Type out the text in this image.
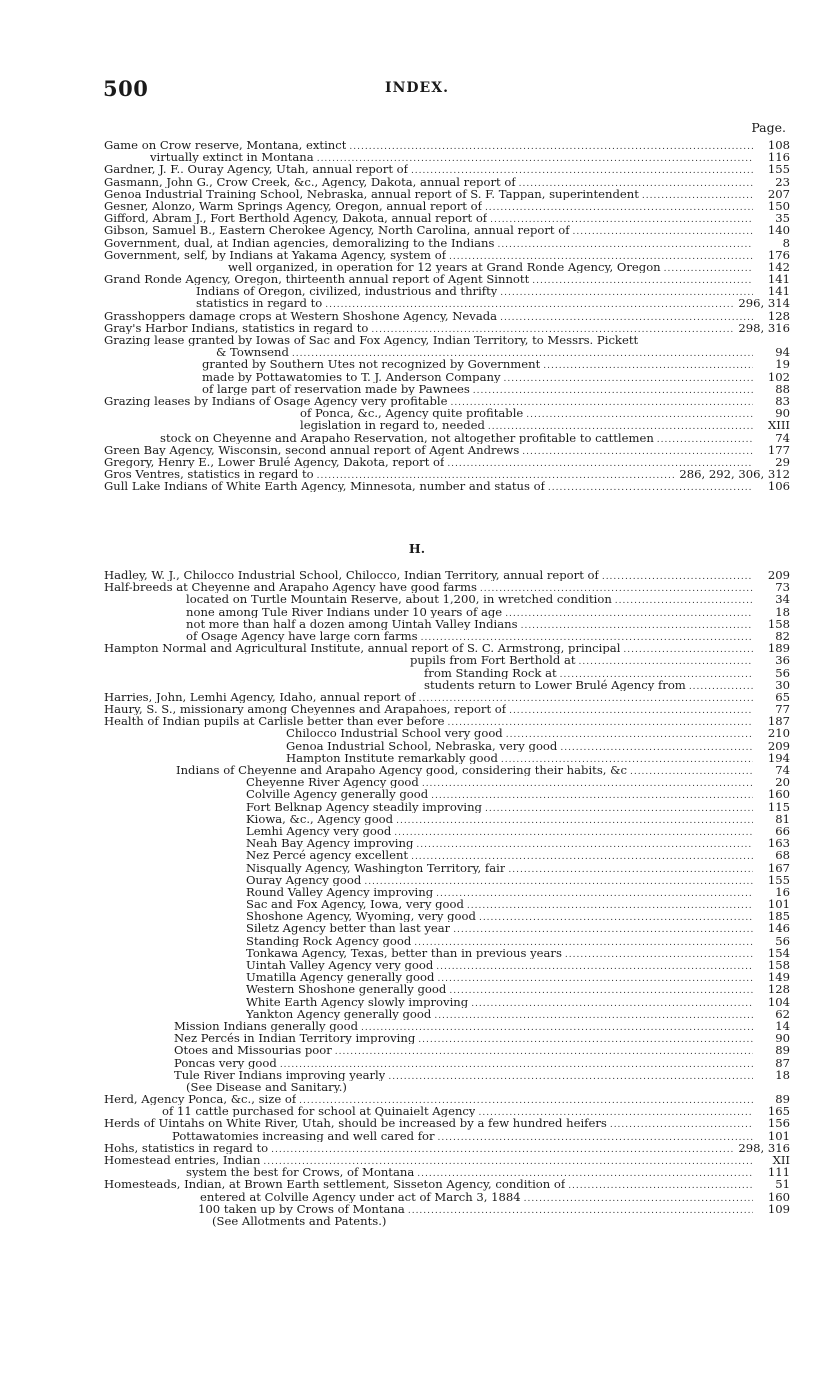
500	INDEX.
Page.
Game on Crow reserve, Montana, extinct .....	108
virtually extinct in Montana .....	116
Gardner, J. F.. Ouray Agency, Utah, annual report of .....	155
Gasmann, John G., Crow Creek, &c., Agency, Dakota, annual report of .....	23
Genoa Industrial Training School, Nebraska, annual report of S. F. Tappan, superintendent .....	207
Gesner, Alonzo, Warm Springs Agency, Oregon, annual report of .....	150
Gifford, Abram J., Fort Berthold Agency, Dakota, annual report of .....	35
Gibson, Samuel B., Eastern Cherokee Agency, North Carolina, annual report of .....	140
Government, dual, at Indian agencies, demoralizing to the Indians .....	8
Government, self, by Indians at Yakama Agency, system of .....	176
well organized, in operation for 12 years at Grand Ronde Agency, Oregon .....	142
Grand Ronde Agency, Oregon, thirteenth annual report of Agent Sinnott .....	141
Indians of Oregon, civilized, industrious and thrifty .....	141
statistics in regard to .....	296, 314
Grasshoppers damage crops at Western Shoshone Agency, Nevada .....	128
Gray's Harbor Indians, statistics in regard to .....	298, 316
Grazing lease granted by Iowas of Sac and Fox Agency, Indian Territory, to Messrs. Pickett
& Townsend .....	94
granted by Southern Utes not recognized by Government .....	19
made by Pottawatomies to T. J. Anderson Company .....	102
of large part of reservation made by Pawnees .....	88
Grazing leases by Indians of Osage Agency very profitable .....	83
of Ponca, &c., Agency quite profitable .....	90
legislation in regard to, needed .....	XIII
stock on Cheyenne and Arapaho Reservation, not altogether profitable to cattlemen .....	74
Green Bay Agency, Wisconsin, second annual report of Agent Andrews .....	177
Gregory, Henry E., Lower Brulé Agency, Dakota, report of .....	29
Gros Ventres, statistics in regard to .....	286, 292, 306, 312
Gull Lake Indians of White Earth Agency, Minnesota, number and status of .....	106
H.
Hadley, W. J., Chilocco Industrial School, Chilocco, Indian Territory, annual report of .....	209
Half-breeds at Cheyenne and Arapaho Agency have good farms .....	73
located on Turtle Mountain Reserve, about 1,200, in wretched condition .....	34
none among Tule River Indians under 10 years of age .....	18
not more than half a dozen among Uintah Valley Indians .....	158
of Osage Agency have large corn farms .....	82
Hampton Normal and Agricultural Institute, annual report of S. C. Armstrong, principal .....	189
pupils from Fort Berthold at .....	36
from Standing Rock at .....	56
students return to Lower Brulé Agency from .....	30
Harries, John, Lemhi Agency, Idaho, annual report of .....	65
Haury, S. S., missionary among Cheyennes and Arapahoes, report of .....	77
Health of Indian pupils at Carlisle better than ever before .....	187
Chilocco Industrial School very good .....	210
Genoa Industrial School, Nebraska, very good .....	209
Hampton Institute remarkably good .....	194
Indians of Cheyenne and Arapaho Agency good, considering their habits, &c .....	74
Cheyenne River Agency good .....	20
Colville Agency generally good .....	160
Fort Belknap Agency steadily improving .....	115
Kiowa, &c., Agency good .....	81
Lemhi Agency very good .....	66
Neah Bay Agency improving .....	163
Nez Percé agency excellent .....	68
Nisqually Agency, Washington Territory, fair .....	167
Ouray Agency good .....	155
Round Valley Agency improving .....	16
Sac and Fox Agency, Iowa, very good .....	101
Shoshone Agency, Wyoming, very good .....	185
Siletz Agency better than last year .....	146
Standing Rock Agency good .....	56
Tonkawa Agency, Texas, better than in previous years .....	154
Uintah Valley Agency very good .....	158
Umatilla Agency generally good .....	149
Western Shoshone generally good .....	128
White Earth Agency slowly improving .....	104
Yankton Agency generally good .....	62
Mission Indians generally good .....	14
Nez Percés in Indian Territory improving .....	90
Otoes and Missourias poor .....	89
Poncas very good .....	87
Tule River Indians improving yearly .....	18
(See Disease and Sanitary.)
Herd, Agency Ponca, &c., size of .....	89
of 11 cattle purchased for school at Quinaielt Agency .....	165
Herds of Uintahs on White River, Utah, should be increased by a few hundred heifers .....	156
Pottawatomies increasing and well cared for .....	101
Hohs, statistics in regard to .....	298, 316
Homestead entries, Indian .....	XII
system the best for Crows, of Montana .....	111
Homesteads, Indian, at Brown Earth settlement, Sisseton Agency, condition of .....	51
entered at Colville Agency under act of March 3, 1884 .....	160
100 taken up by Crows of Montana .....	109
(See Allotments and Patents.)
